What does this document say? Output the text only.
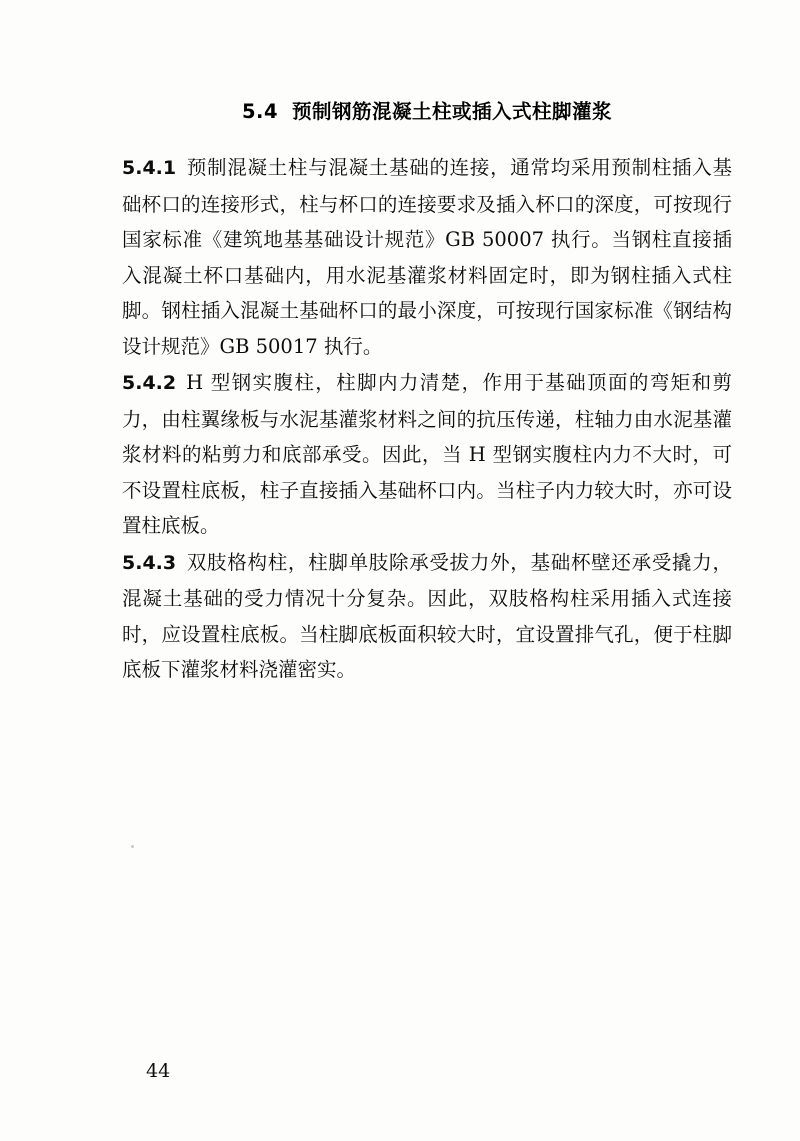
5.4 预制钢筋混凝土柱或插入式柱脚灌浆

5.4.1 预制混凝土柱与混凝土基础的连接，通常均采用预制柱插入基础杯口的连接形式，柱与杯口的连接要求及插入杯口的深度，可按现行国家标准《建筑地基基础设计规范》GB 50007 执行。当钢柱直接插入混凝土杯口基础内，用水泥基灌浆材料固定时，即为钢柱插入式柱脚。钢柱插入混凝土基础杯口的最小深度，可按现行国家标准《钢结构设计规范》GB 50017 执行。

5.4.2 H 型钢实腹柱，柱脚内力清楚，作用于基础顶面的弯矩和剪力，由柱翼缘板与水泥基灌浆材料之间的抗压传递，柱轴力由水泥基灌浆材料的粘剪力和底部承受。因此，当 H 型钢实腹柱内力不大时，可不设置柱底板，柱子直接插入基础杯口内。当柱子内力较大时，亦可设置柱底板。

5.4.3 双肢格构柱，柱脚单肢除承受拔力外，基础杯壁还承受撬力，混凝土基础的受力情况十分复杂。因此，双肢格构柱采用插入式连接时，应设置柱底板。当柱脚底板面积较大时，宜设置排气孔，便于柱脚底板下灌浆材料浇灌密实。

44
